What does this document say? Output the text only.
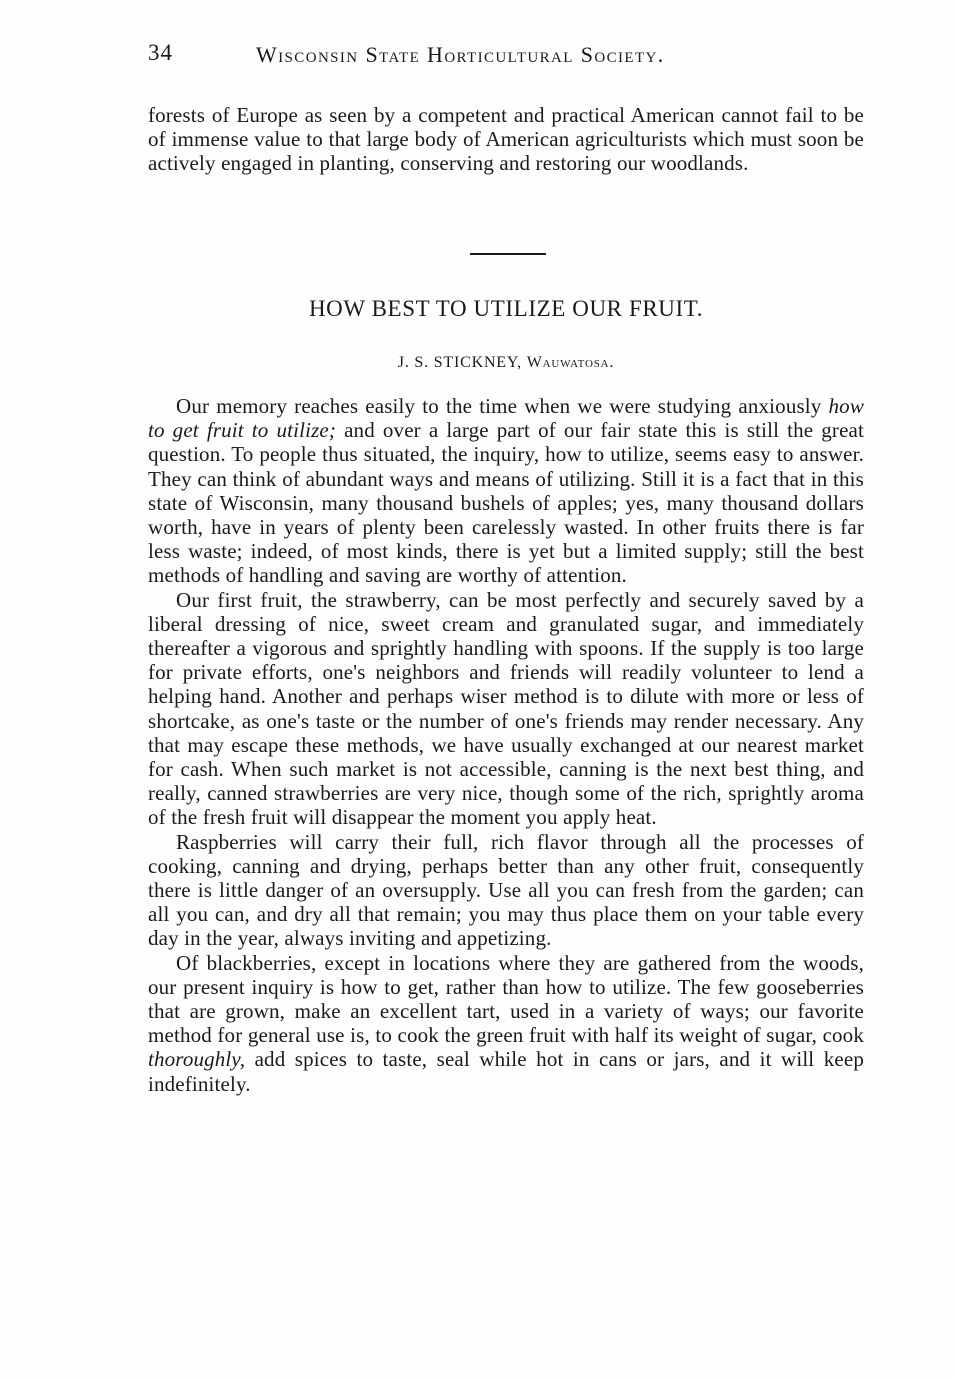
34	Wisconsin State Horticultural Society.

forests of Europe as seen by a competent and practical American cannot fail to be of immense value to that large body of American agriculturists which must soon be actively engaged in planting, conserving and restoring our woodlands.

HOW BEST TO UTILIZE OUR FRUIT.
J. S. STICKNEY, Wauwatosa.

Our memory reaches easily to the time when we were studying anxiously how to get fruit to utilize; and over a large part of our fair state this is still the great question. To people thus situated, the inquiry, how to utilize, seems easy to answer. They can think of abundant ways and means of utilizing. Still it is a fact that in this state of Wisconsin, many thousand bushels of apples; yes, many thousand dollars worth, have in years of plenty been carelessly wasted. In other fruits there is far less waste; indeed, of most kinds, there is yet but a limited supply; still the best methods of handling and saving are worthy of attention.

Our first fruit, the strawberry, can be most perfectly and securely saved by a liberal dressing of nice, sweet cream and granulated sugar, and immediately thereafter a vigorous and sprightly handling with spoons. If the supply is too large for private efforts, one's neighbors and friends will readily volunteer to lend a helping hand. Another and perhaps wiser method is to dilute with more or less of shortcake, as one's taste or the number of one's friends may render necessary. Any that may escape these methods, we have usually exchanged at our nearest market for cash. When such market is not accessible, canning is the next best thing, and really, canned strawberries are very nice, though some of the rich, sprightly aroma of the fresh fruit will disappear the moment you apply heat.

Raspberries will carry their full, rich flavor through all the processes of cooking, canning and drying, perhaps better than any other fruit, consequently there is little danger of an oversupply. Use all you can fresh from the garden; can all you can, and dry all that remain; you may thus place them on your table every day in the year, always inviting and appetizing.

Of blackberries, except in locations where they are gathered from the woods, our present inquiry is how to get, rather than how to utilize. The few gooseberries that are grown, make an excellent tart, used in a variety of ways; our favorite method for general use is, to cook the green fruit with half its weight of sugar, cook thoroughly, add spices to taste, seal while hot in cans or jars, and it will keep indefinitely.
